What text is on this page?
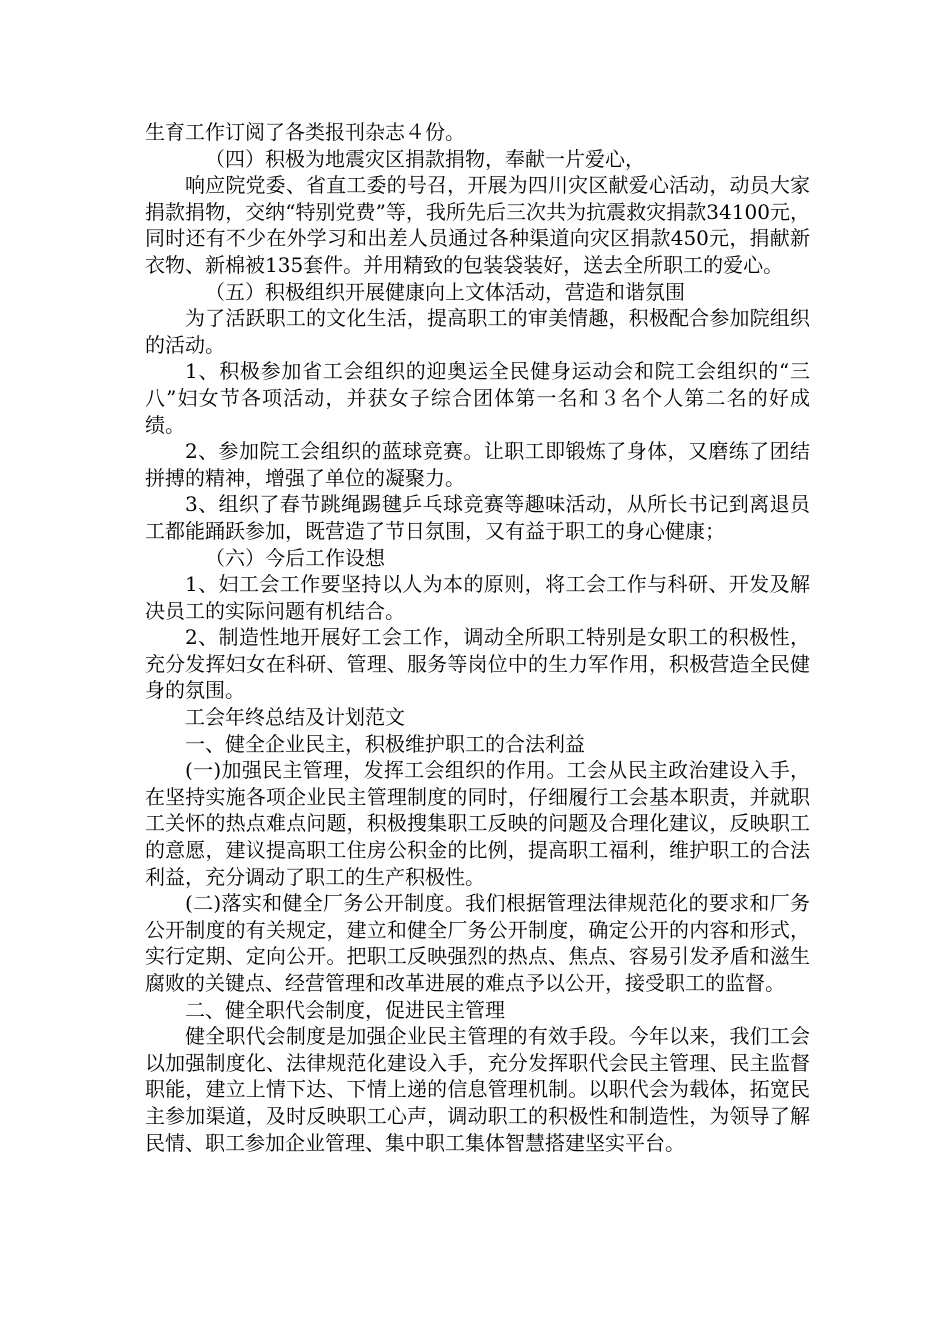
生育工作订阅了各类报刊杂志４份。

（四）积极为地震灾区捐款捐物，奉献一片爱心，

响应院党委、省直工委的号召，开展为四川灾区献爱心活动，动员大家捐款捐物，交纳“特别党费”等，我所先后三次共为抗震救灾捐款34100元，同时还有不少在外学习和出差人员通过各种渠道向灾区捐款450元，捐献新衣物、新棉被135套件。并用精致的包装袋装好，送去全所职工的爱心。

（五）积极组织开展健康向上文体活动，营造和谐氛围

为了活跃职工的文化生活，提高职工的审美情趣，积极配合参加院组织的活动。

1、积极参加省工会组织的迎奥运全民健身运动会和院工会组织的“三八”妇女节各项活动，并获女子综合团体第一名和３名个人第二名的好成绩。

2、参加院工会组织的蓝球竞赛。让职工即锻炼了身体，又磨练了团结拼搏的精神，增强了单位的凝聚力。

3、组织了春节跳绳踢毽乒乓球竞赛等趣味活动，从所长书记到离退员工都能踊跃参加，既营造了节日氛围，又有益于职工的身心健康；

（六）今后工作设想

1、妇工会工作要坚持以人为本的原则，将工会工作与科研、开发及解决员工的实际问题有机结合。

2、制造性地开展好工会工作，调动全所职工特别是女职工的积极性，充分发挥妇女在科研、管理、服务等岗位中的生力军作用，积极营造全民健身的氛围。

工会年终总结及计划范文

一、健全企业民主，积极维护职工的合法利益

(一)加强民主管理，发挥工会组织的作用。工会从民主政治建设入手，在坚持实施各项企业民主管理制度的同时，仔细履行工会基本职责，并就职工关怀的热点难点问题，积极搜集职工反映的问题及合理化建议，反映职工的意愿，建议提高职工住房公积金的比例，提高职工福利，维护职工的合法利益，充分调动了职工的生产积极性。

(二)落实和健全厂务公开制度。我们根据管理法律规范化的要求和厂务公开制度的有关规定，建立和健全厂务公开制度，确定公开的内容和形式，实行定期、定向公开。把职工反映强烈的热点、焦点、容易引发矛盾和滋生腐败的关键点、经营管理和改革进展的难点予以公开，接受职工的监督。

二、健全职代会制度，促进民主管理

健全职代会制度是加强企业民主管理的有效手段。今年以来，我们工会以加强制度化、法律规范化建设入手，充分发挥职代会民主管理、民主监督职能，建立上情下达、下情上递的信息管理机制。以职代会为载体，拓宽民主参加渠道，及时反映职工心声，调动职工的积极性和制造性，为领导了解民情、职工参加企业管理、集中职工集体智慧搭建坚实平台。
